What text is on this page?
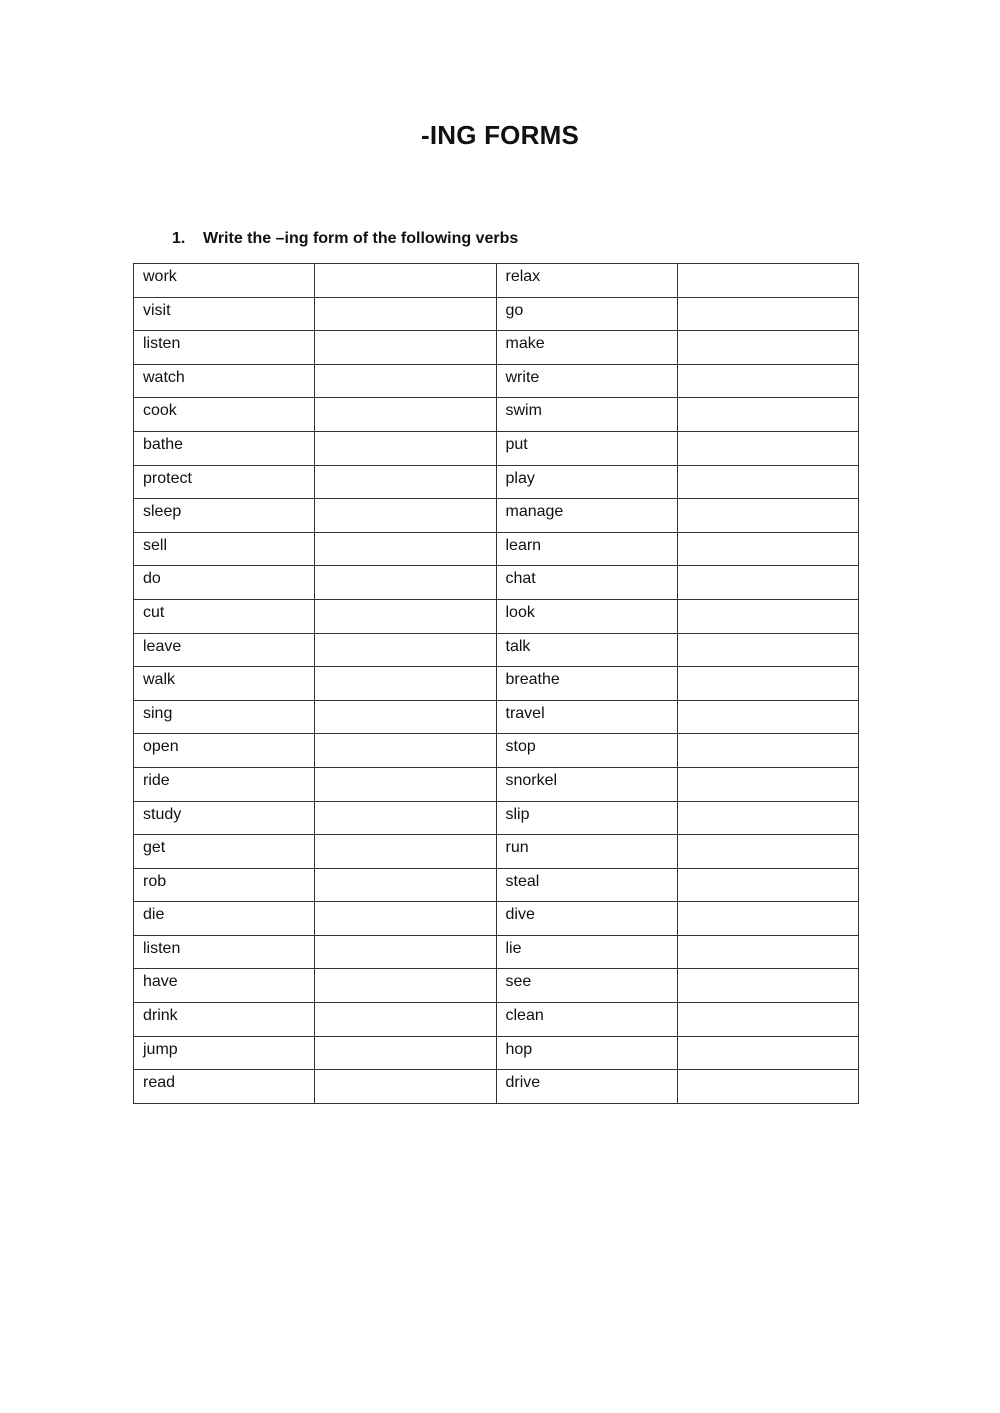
-ING FORMS

1. Write the –ing form of the following verbs

work		relax	
visit		go	
listen		make	
watch		write	
cook		swim	
bathe		put	
protect		play	
sleep		manage	
sell		learn	
do		chat	
cut		look	
leave		talk	
walk		breathe	
sing		travel	
open		stop	
ride		snorkel	
study		slip	
get		run	
rob		steal	
die		dive	
listen		lie	
have		see	
drink		clean	
jump		hop	
read		drive	
